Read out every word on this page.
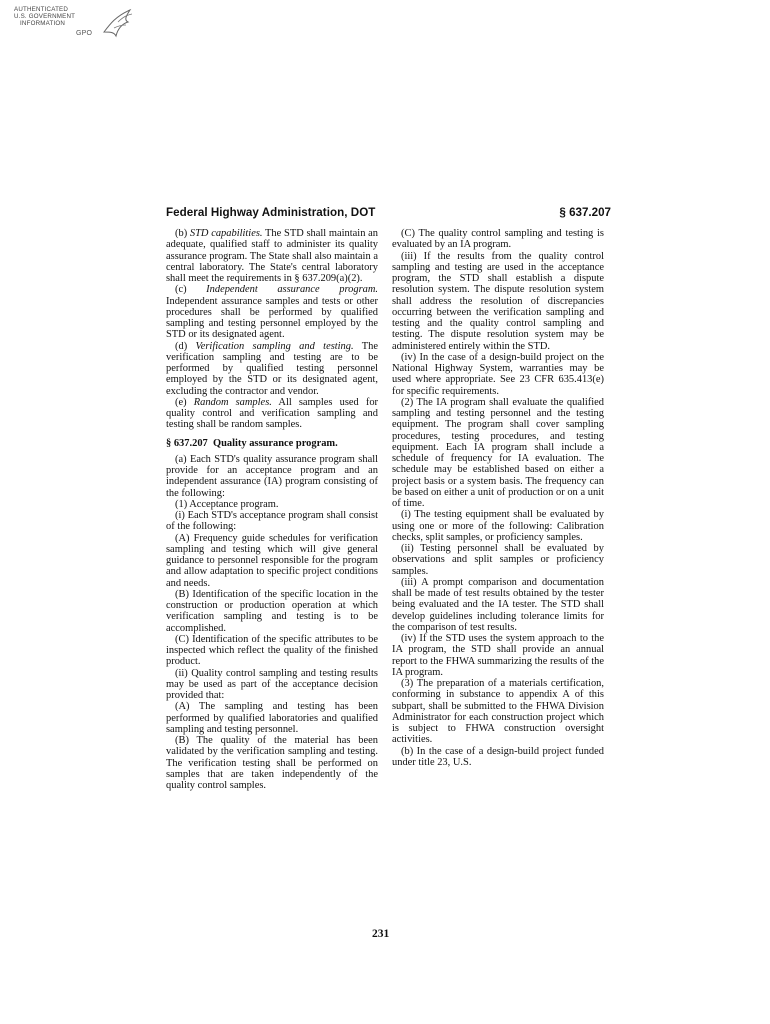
AUTHENTICATED
U.S. GOVERNMENT
INFORMATION
GPO
Federal Highway Administration, DOT	§ 637.207

(b) STD capabilities. The STD shall maintain an adequate, qualified staff to administer its quality assurance program. The State shall also maintain a central laboratory. The State's central laboratory shall meet the requirements in § 637.209(a)(2).

(c) Independent assurance program. Independent assurance samples and tests or other procedures shall be performed by qualified sampling and testing personnel employed by the STD or its designated agent.

(d) Verification sampling and testing. The verification sampling and testing are to be performed by qualified testing personnel employed by the STD or its designated agent, excluding the contractor and vendor.

(e) Random samples. All samples used for quality control and verification sampling and testing shall be random samples.

§ 637.207 Quality assurance program.

(a) Each STD's quality assurance program shall provide for an acceptance program and an independent assurance (IA) program consisting of the following:

(1) Acceptance program.

(i) Each STD's acceptance program shall consist of the following:

(A) Frequency guide schedules for verification sampling and testing which will give general guidance to personnel responsible for the program and allow adaptation to specific project conditions and needs.

(B) Identification of the specific location in the construction or production operation at which verification sampling and testing is to be accomplished.

(C) Identification of the specific attributes to be inspected which reflect the quality of the finished product.

(ii) Quality control sampling and testing results may be used as part of the acceptance decision provided that:

(A) The sampling and testing has been performed by qualified laboratories and qualified sampling and testing personnel.

(B) The quality of the material has been validated by the verification sampling and testing. The verification testing shall be performed on samples that are taken independently of the quality control samples.

(C) The quality control sampling and testing is evaluated by an IA program.

(iii) If the results from the quality control sampling and testing are used in the acceptance program, the STD shall establish a dispute resolution system. The dispute resolution system shall address the resolution of discrepancies occurring between the verification sampling and testing and the quality control sampling and testing. The dispute resolution system may be administered entirely within the STD.

(iv) In the case of a design-build project on the National Highway System, warranties may be used where appropriate. See 23 CFR 635.413(e) for specific requirements.

(2) The IA program shall evaluate the qualified sampling and testing personnel and the testing equipment. The program shall cover sampling procedures, testing procedures, and testing equipment. Each IA program shall include a schedule of frequency for IA evaluation. The schedule may be established based on either a project basis or a system basis. The frequency can be based on either a unit of production or on a unit of time.

(i) The testing equipment shall be evaluated by using one or more of the following: Calibration checks, split samples, or proficiency samples.

(ii) Testing personnel shall be evaluated by observations and split samples or proficiency samples.

(iii) A prompt comparison and documentation shall be made of test results obtained by the tester being evaluated and the IA tester. The STD shall develop guidelines including tolerance limits for the comparison of test results.

(iv) If the STD uses the system approach to the IA program, the STD shall provide an annual report to the FHWA summarizing the results of the IA program.

(3) The preparation of a materials certification, conforming in substance to appendix A of this subpart, shall be submitted to the FHWA Division Administrator for each construction project which is subject to FHWA construction oversight activities.

(b) In the case of a design-build project funded under title 23, U.S.

231
